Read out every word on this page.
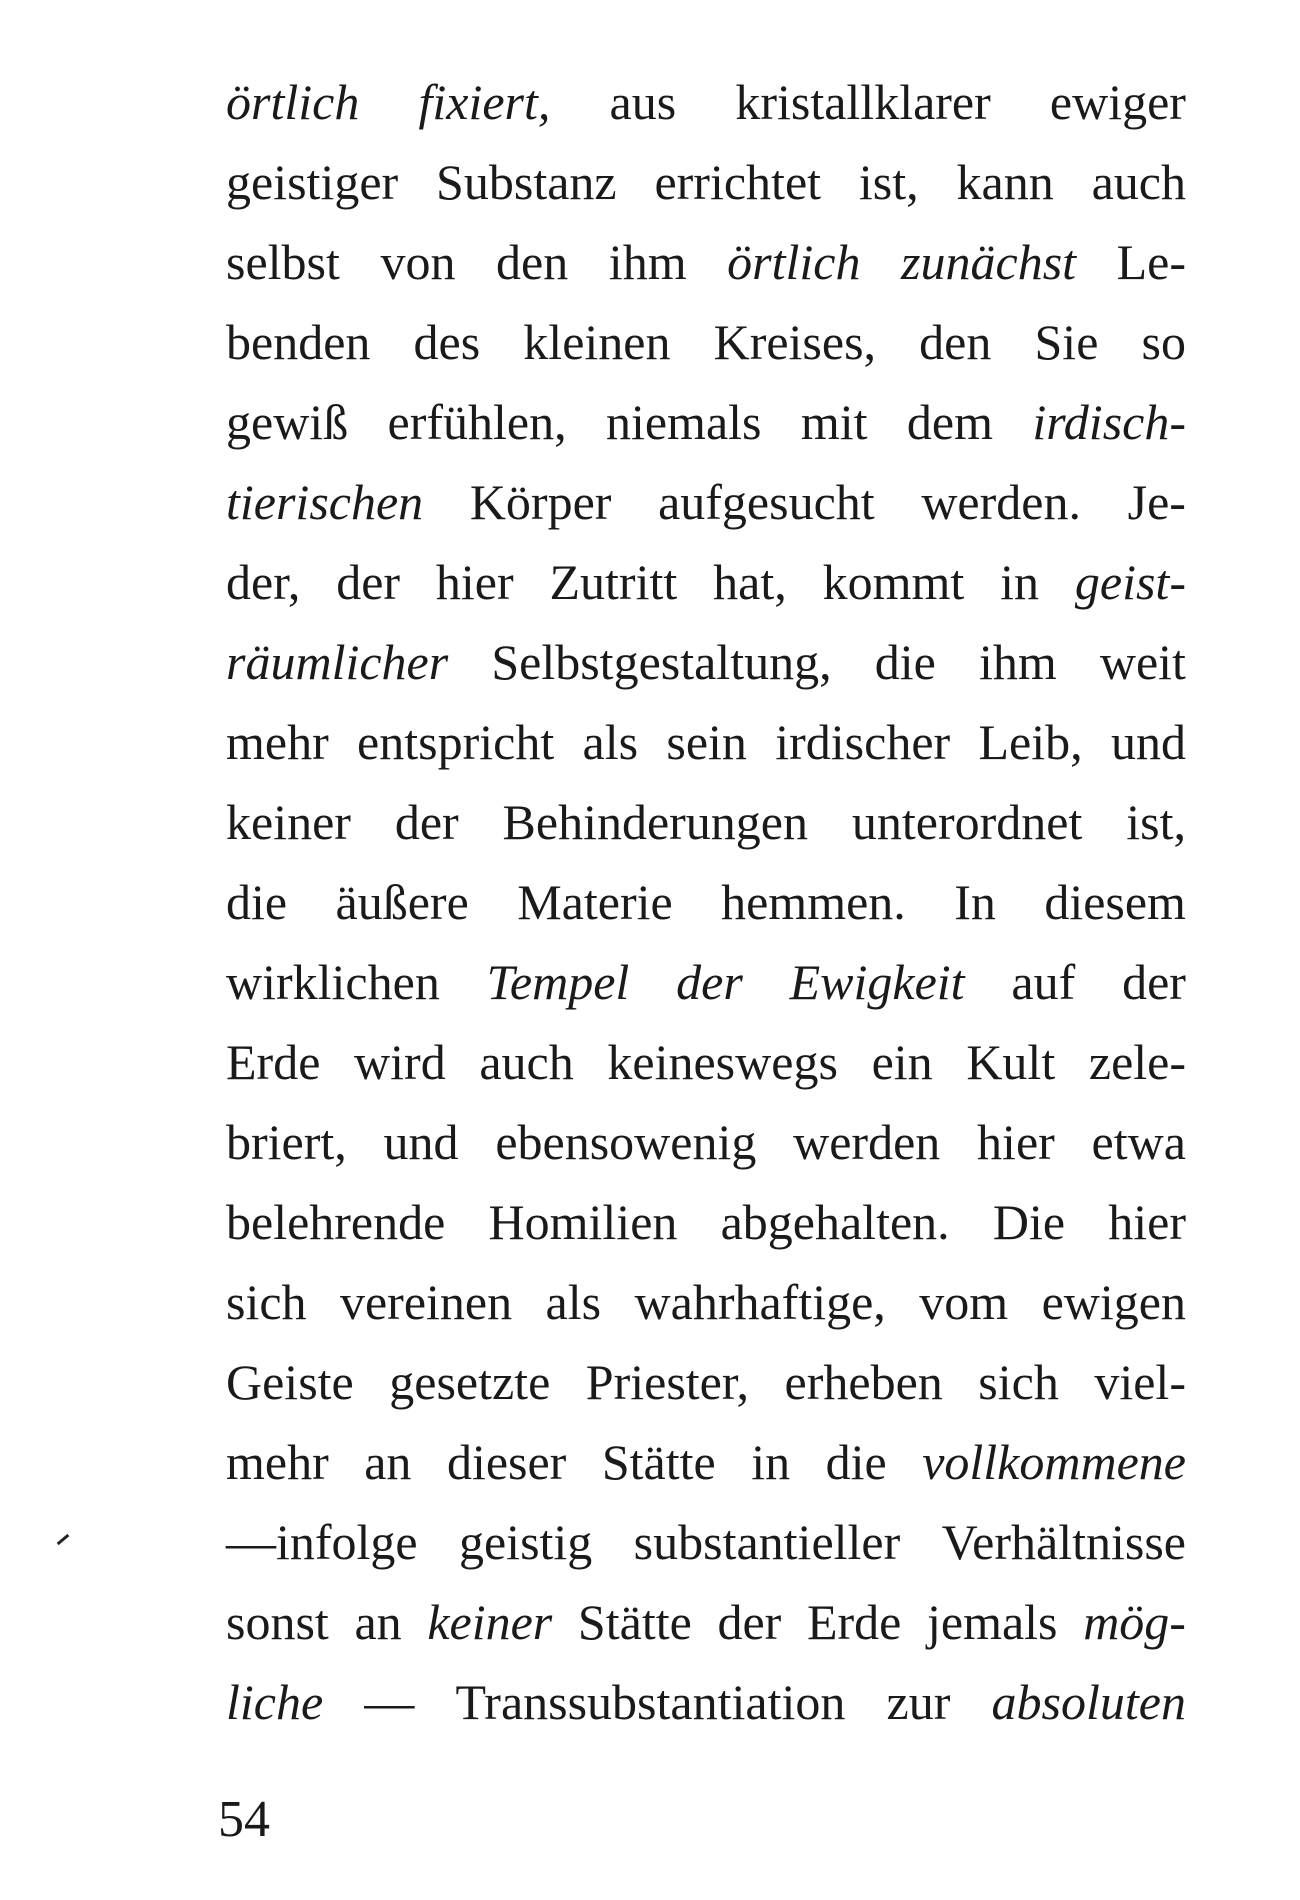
örtlich fixiert, aus kristallklarer ewiger
geistiger Substanz errichtet ist, kann auch
selbst von den ihm örtlich zunächst Le-
benden des kleinen Kreises, den Sie so
gewiß erfühlen, niemals mit dem irdisch-
tierischen Körper aufgesucht werden. Je-
der, der hier Zutritt hat, kommt in geist-
räumlicher Selbstgestaltung, die ihm weit
mehr entspricht als sein irdischer Leib, und
keiner der Behinderungen unterordnet ist,
die äußere Materie hemmen. In diesem
wirklichen Tempel der Ewigkeit auf der
Erde wird auch keineswegs ein Kult zele-
briert, und ebensowenig werden hier etwa
belehrende Homilien abgehalten. Die hier
sich vereinen als wahrhaftige, vom ewigen
Geiste gesetzte Priester, erheben sich viel-
mehr an dieser Stätte in die vollkommene
—infolge geistig substantieller Verhältnisse
sonst an keiner Stätte der Erde jemals mög-
liche — Transsubstantiation zur absoluten
54
